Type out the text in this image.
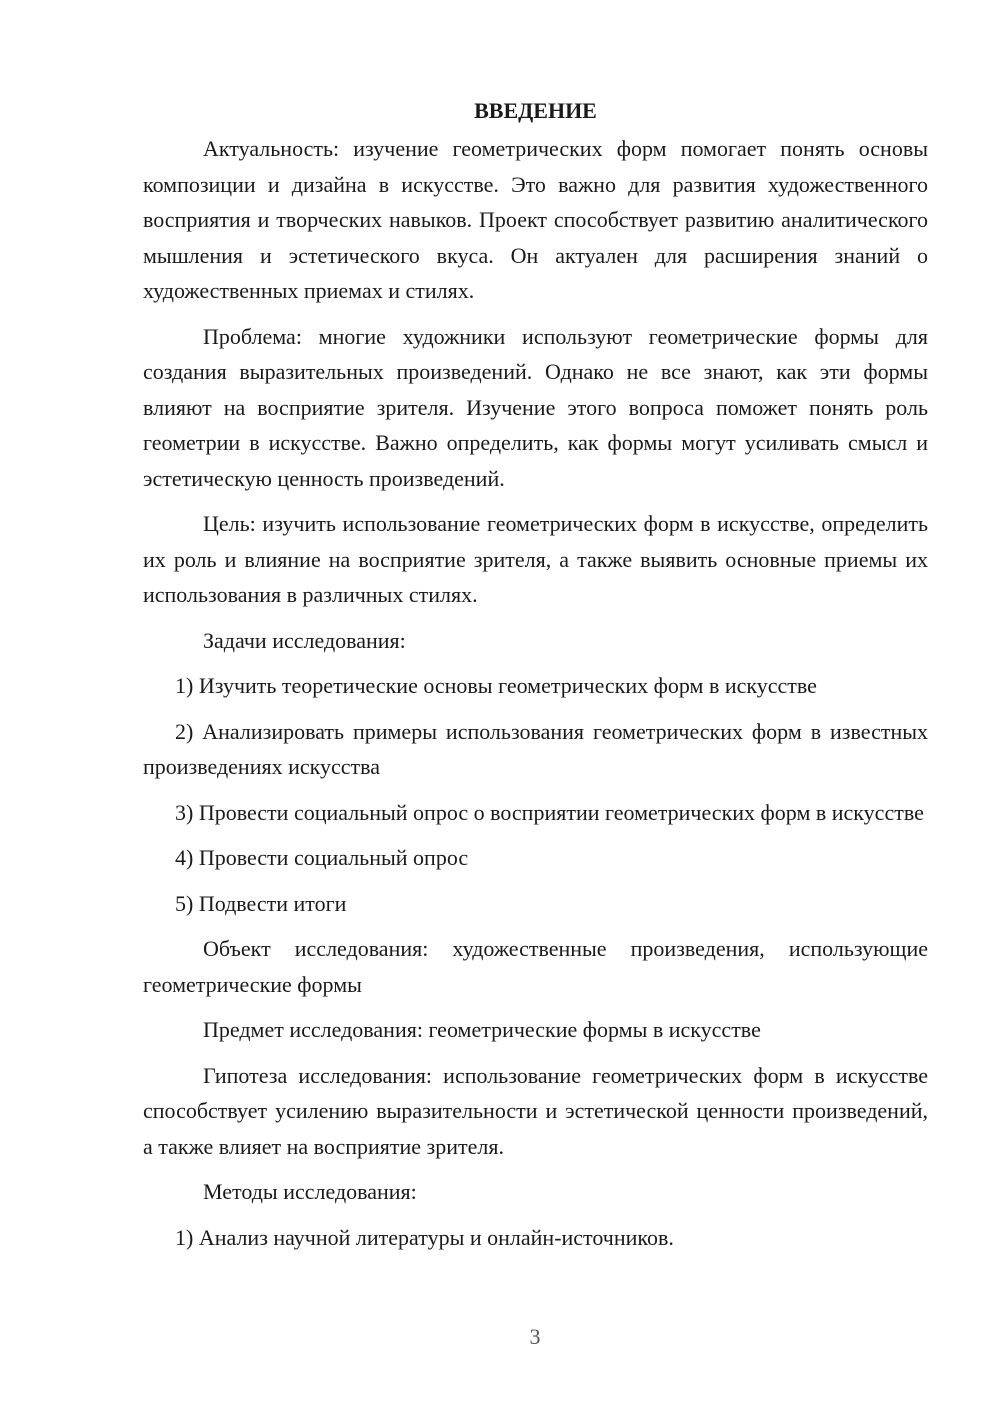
ВВЕДЕНИЕ

Актуальность: изучение геометрических форм помогает понять основы композиции и дизайна в искусстве. Это важно для развития художественного восприятия и творческих навыков. Проект способствует развитию аналитического мышления и эстетического вкуса. Он актуален для расширения знаний о художественных приемах и стилях.

Проблема: многие художники используют геометрические формы для создания выразительных произведений. Однако не все знают, как эти формы влияют на восприятие зрителя. Изучение этого вопроса поможет понять роль геометрии в искусстве. Важно определить, как формы могут усиливать смысл и эстетическую ценность произведений.

Цель: изучить использование геометрических форм в искусстве, определить их роль и влияние на восприятие зрителя, а также выявить основные приемы их использования в различных стилях.

Задачи исследования:

1) Изучить теоретические основы геометрических форм в искусстве

2) Анализировать примеры использования геометрических форм в известных произведениях искусства

3) Провести социальный опрос о восприятии геометрических форм в искусстве

4) Провести социальный опрос

5) Подвести итоги

Объект исследования: художественные произведения, использующие геометрические формы

Предмет исследования: геометрические формы в искусстве

Гипотеза исследования: использование геометрических форм в искусстве способствует усилению выразительности и эстетической ценности произведений, а также влияет на восприятие зрителя.

Методы исследования:

1) Анализ научной литературы и онлайн-источников.

3
